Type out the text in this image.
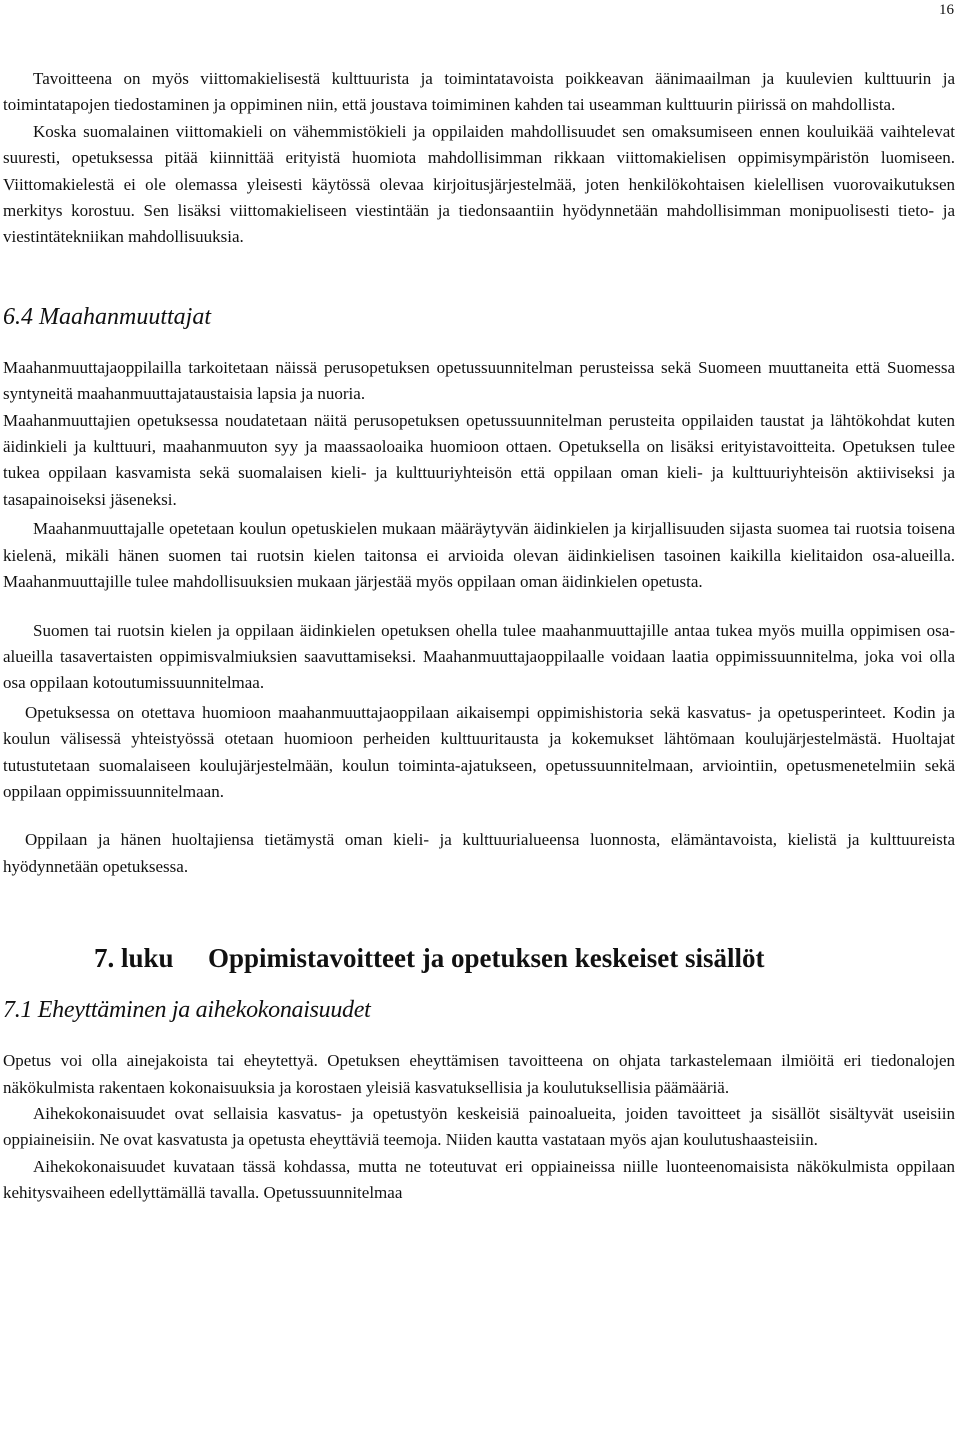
16

Tavoitteena on myös viittomakielisestä kulttuurista ja toimintatavoista poikkeavan äänimaailman ja kuulevien kulttuurin ja toimintatapojen tiedostaminen ja oppiminen niin, että joustava toimiminen kahden tai useamman kulttuurin piirissä on mahdollista.

Koska suomalainen viittomakieli on vähemmistökieli ja oppilaiden mahdollisuudet sen omaksumiseen ennen kouluikää vaihtelevat suuresti, opetuksessa pitää kiinnittää erityistä huomiota mahdollisimman rikkaan viittomakielisen oppimisympäristön luomiseen. Viittomakielestä ei ole olemassa yleisesti käytössä olevaa kirjoitusjärjestelmää, joten henkilökohtaisen kielellisen vuorovaikutuksen merkitys korostuu. Sen lisäksi viittomakieliseen viestintään ja tiedonsaantiin hyödynnetään mahdollisimman monipuolisesti tieto- ja viestintätekniikan mahdollisuuksia.

6.4 Maahanmuuttajat

Maahanmuuttajaoppilailla tarkoitetaan näissä perusopetuksen opetussuunnitelman perusteissa sekä Suomeen muuttaneita että Suomessa syntyneitä maahanmuuttajataustaisia lapsia ja nuoria.

Maahanmuuttajien opetuksessa noudatetaan näitä perusopetuksen opetussuunnitelman perusteita oppilaiden taustat ja lähtökohdat kuten äidinkieli ja kulttuuri, maahanmuuton syy ja maassaoloaika huomioon ottaen. Opetuksella on lisäksi erityistavoitteita. Opetuksen tulee tukea oppilaan kasvamista sekä suomalaisen kieli- ja kulttuuriyhteisön että oppilaan oman kieli- ja kulttuuriyhteisön aktiiviseksi ja tasapainoiseksi jäseneksi.

Maahanmuuttajalle opetetaan koulun opetuskielen mukaan määräytyvän äidinkielen ja kirjallisuuden sijasta suomea tai ruotsia toisena kielenä, mikäli hänen suomen tai ruotsin kielen taitonsa ei arvioida olevan äidinkielisen tasoinen kaikilla kielitaidon osa-alueilla. Maahanmuuttajille tulee mahdollisuuksien mukaan järjestää myös oppilaan oman äidinkielen opetusta.

Suomen tai ruotsin kielen ja oppilaan äidinkielen opetuksen ohella tulee maahanmuuttajille antaa tukea myös muilla oppimisen osa-alueilla tasavertaisten oppimisvalmiuksien saavuttamiseksi. Maahanmuuttajaoppilaalle voidaan laatia oppimissuunnitelma, joka voi olla osa oppilaan kotoutumissuunnitelmaa.

Opetuksessa on otettava huomioon maahanmuuttajaoppilaan aikaisempi oppimishistoria sekä kasvatus- ja opetusperinteet. Kodin ja koulun välisessä yhteistyössä otetaan huomioon perheiden kulttuuritausta ja kokemukset lähtömaan koulujärjestelmästä. Huoltajat tutustutetaan suomalaiseen koulujärjestelmään, koulun toiminta-ajatukseen, opetussuunnitelmaan, arviointiin, opetusmenetelmiin sekä oppilaan oppimissuunnitelmaan.

Oppilaan ja hänen huoltajiensa tietämystä oman kieli- ja kulttuurialueensa luonnosta, elämäntavoista, kielistä ja kulttuureista hyödynnetään opetuksessa.

7. luku Oppimistavoitteet ja opetuksen keskeiset sisällöt
7.1 Eheyttäminen ja aihekokonaisuudet

Opetus voi olla ainejakoista tai eheytettyä. Opetuksen eheyttämisen tavoitteena on ohjata tarkastelemaan ilmiöitä eri tiedonalojen näkökulmista rakentaen kokonaisuuksia ja korostaen yleisiä kasvatuksellisia ja koulutuksellisia päämääriä.

Aihekokonaisuudet ovat sellaisia kasvatus- ja opetustyön keskeisiä painoalueita, joiden tavoitteet ja sisällöt sisältyvät useisiin oppiaineisiin. Ne ovat kasvatusta ja opetusta eheyttäviä teemoja. Niiden kautta vastataan myös ajan koulutushaasteisiin.

Aihekokonaisuudet kuvataan tässä kohdassa, mutta ne toteutuvat eri oppiaineissa niille luonteenomaisista näkökulmista oppilaan kehitysvaiheen edellyttämällä tavalla. Opetussuunnitelmaa
